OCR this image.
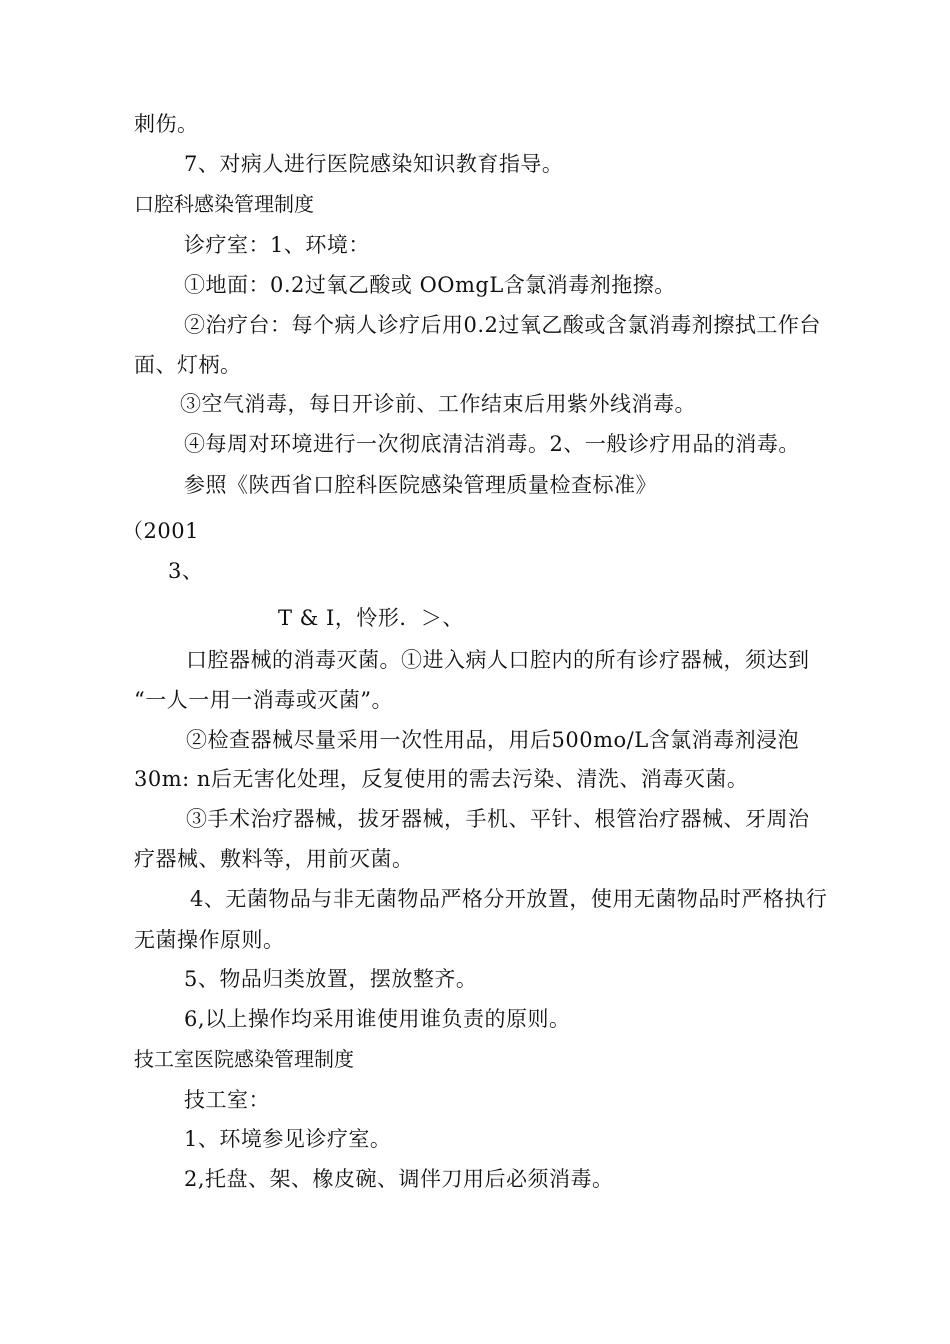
刺伤。
7、对病人进行医院感染知识教育指导。
口腔科感染管理制度
诊疗室：1、环境：
①地面：0.2过氧乙酸或 OOmgL含氯消毒剂拖擦。
②治疗台：每个病人诊疗后用0.2过氧乙酸或含氯消毒剂擦拭工作台
面、灯柄。
③空气消毒，每日开诊前、工作结束后用紫外线消毒。
④每周对环境进行一次彻底清洁消毒。2、一般诊疗用品的消毒。
参照《陕西省口腔科医院感染管理质量检查标准》
（2001
3、
T & I，怜形．＞、
口腔器械的消毒灭菌。①进入病人口腔内的所有诊疗器械，须达到
“一人一用一消毒或灭菌”。
②检查器械尽量采用一次性用品，用后500mo/L含氯消毒剂浸泡
30m: n后无害化处理，反复使用的需去污染、清洗、消毒灭菌。
③手术治疗器械，拔牙器械，手机、平针、根管治疗器械、牙周治
疗器械、敷料等，用前灭菌。
4、无菌物品与非无菌物品严格分开放置，使用无菌物品时严格执行
无菌操作原则。
5、物品归类放置，摆放整齐。
6,以上操作均采用谁使用谁负责的原则。
技工室医院感染管理制度
技工室：
1、环境参见诊疗室。
2,托盘、架、橡皮碗、调伴刀用后必须消毒。
